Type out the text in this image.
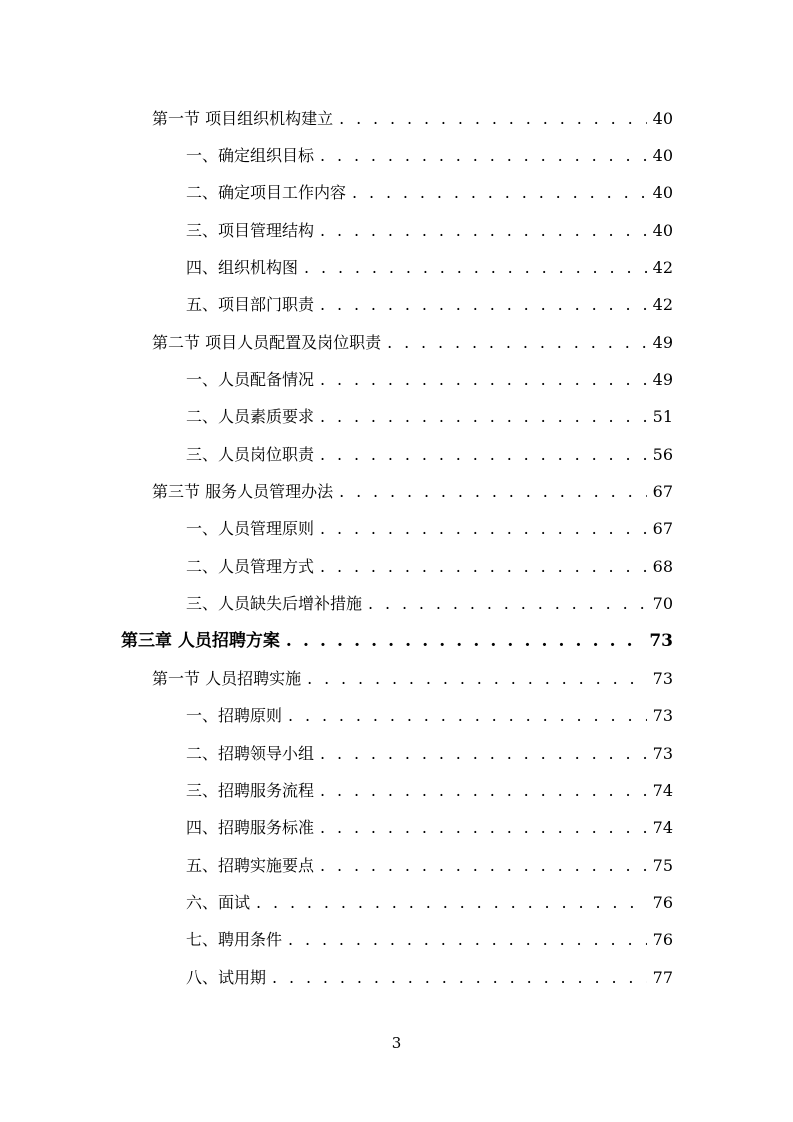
第一节 项目组织机构建立 . . .	40
一、确定组织目标 . . .	40
二、确定项目工作内容 . . .	40
三、项目管理结构 . . .	40
四、组织机构图 . . .	42
五、项目部门职责 . . .	42
第二节 项目人员配置及岗位职责 . . .	49
一、人员配备情况 . . .	49
二、人员素质要求 . . .	51
三、人员岗位职责 . . .	56
第三节 服务人员管理办法 . . .	67
一、人员管理原则 . . .	67
二、人员管理方式 . . .	68
三、人员缺失后增补措施 . . .	70
第三章 人员招聘方案 . . .	73
第一节 人员招聘实施 . . .	73
一、招聘原则 . . .	73
二、招聘领导小组 . . .	73
三、招聘服务流程 . . .	74
四、招聘服务标准 . . .	74
五、招聘实施要点 . . .	75
六、面试 . . .	76
七、聘用条件 . . .	76
八、试用期 . . .	77
3
